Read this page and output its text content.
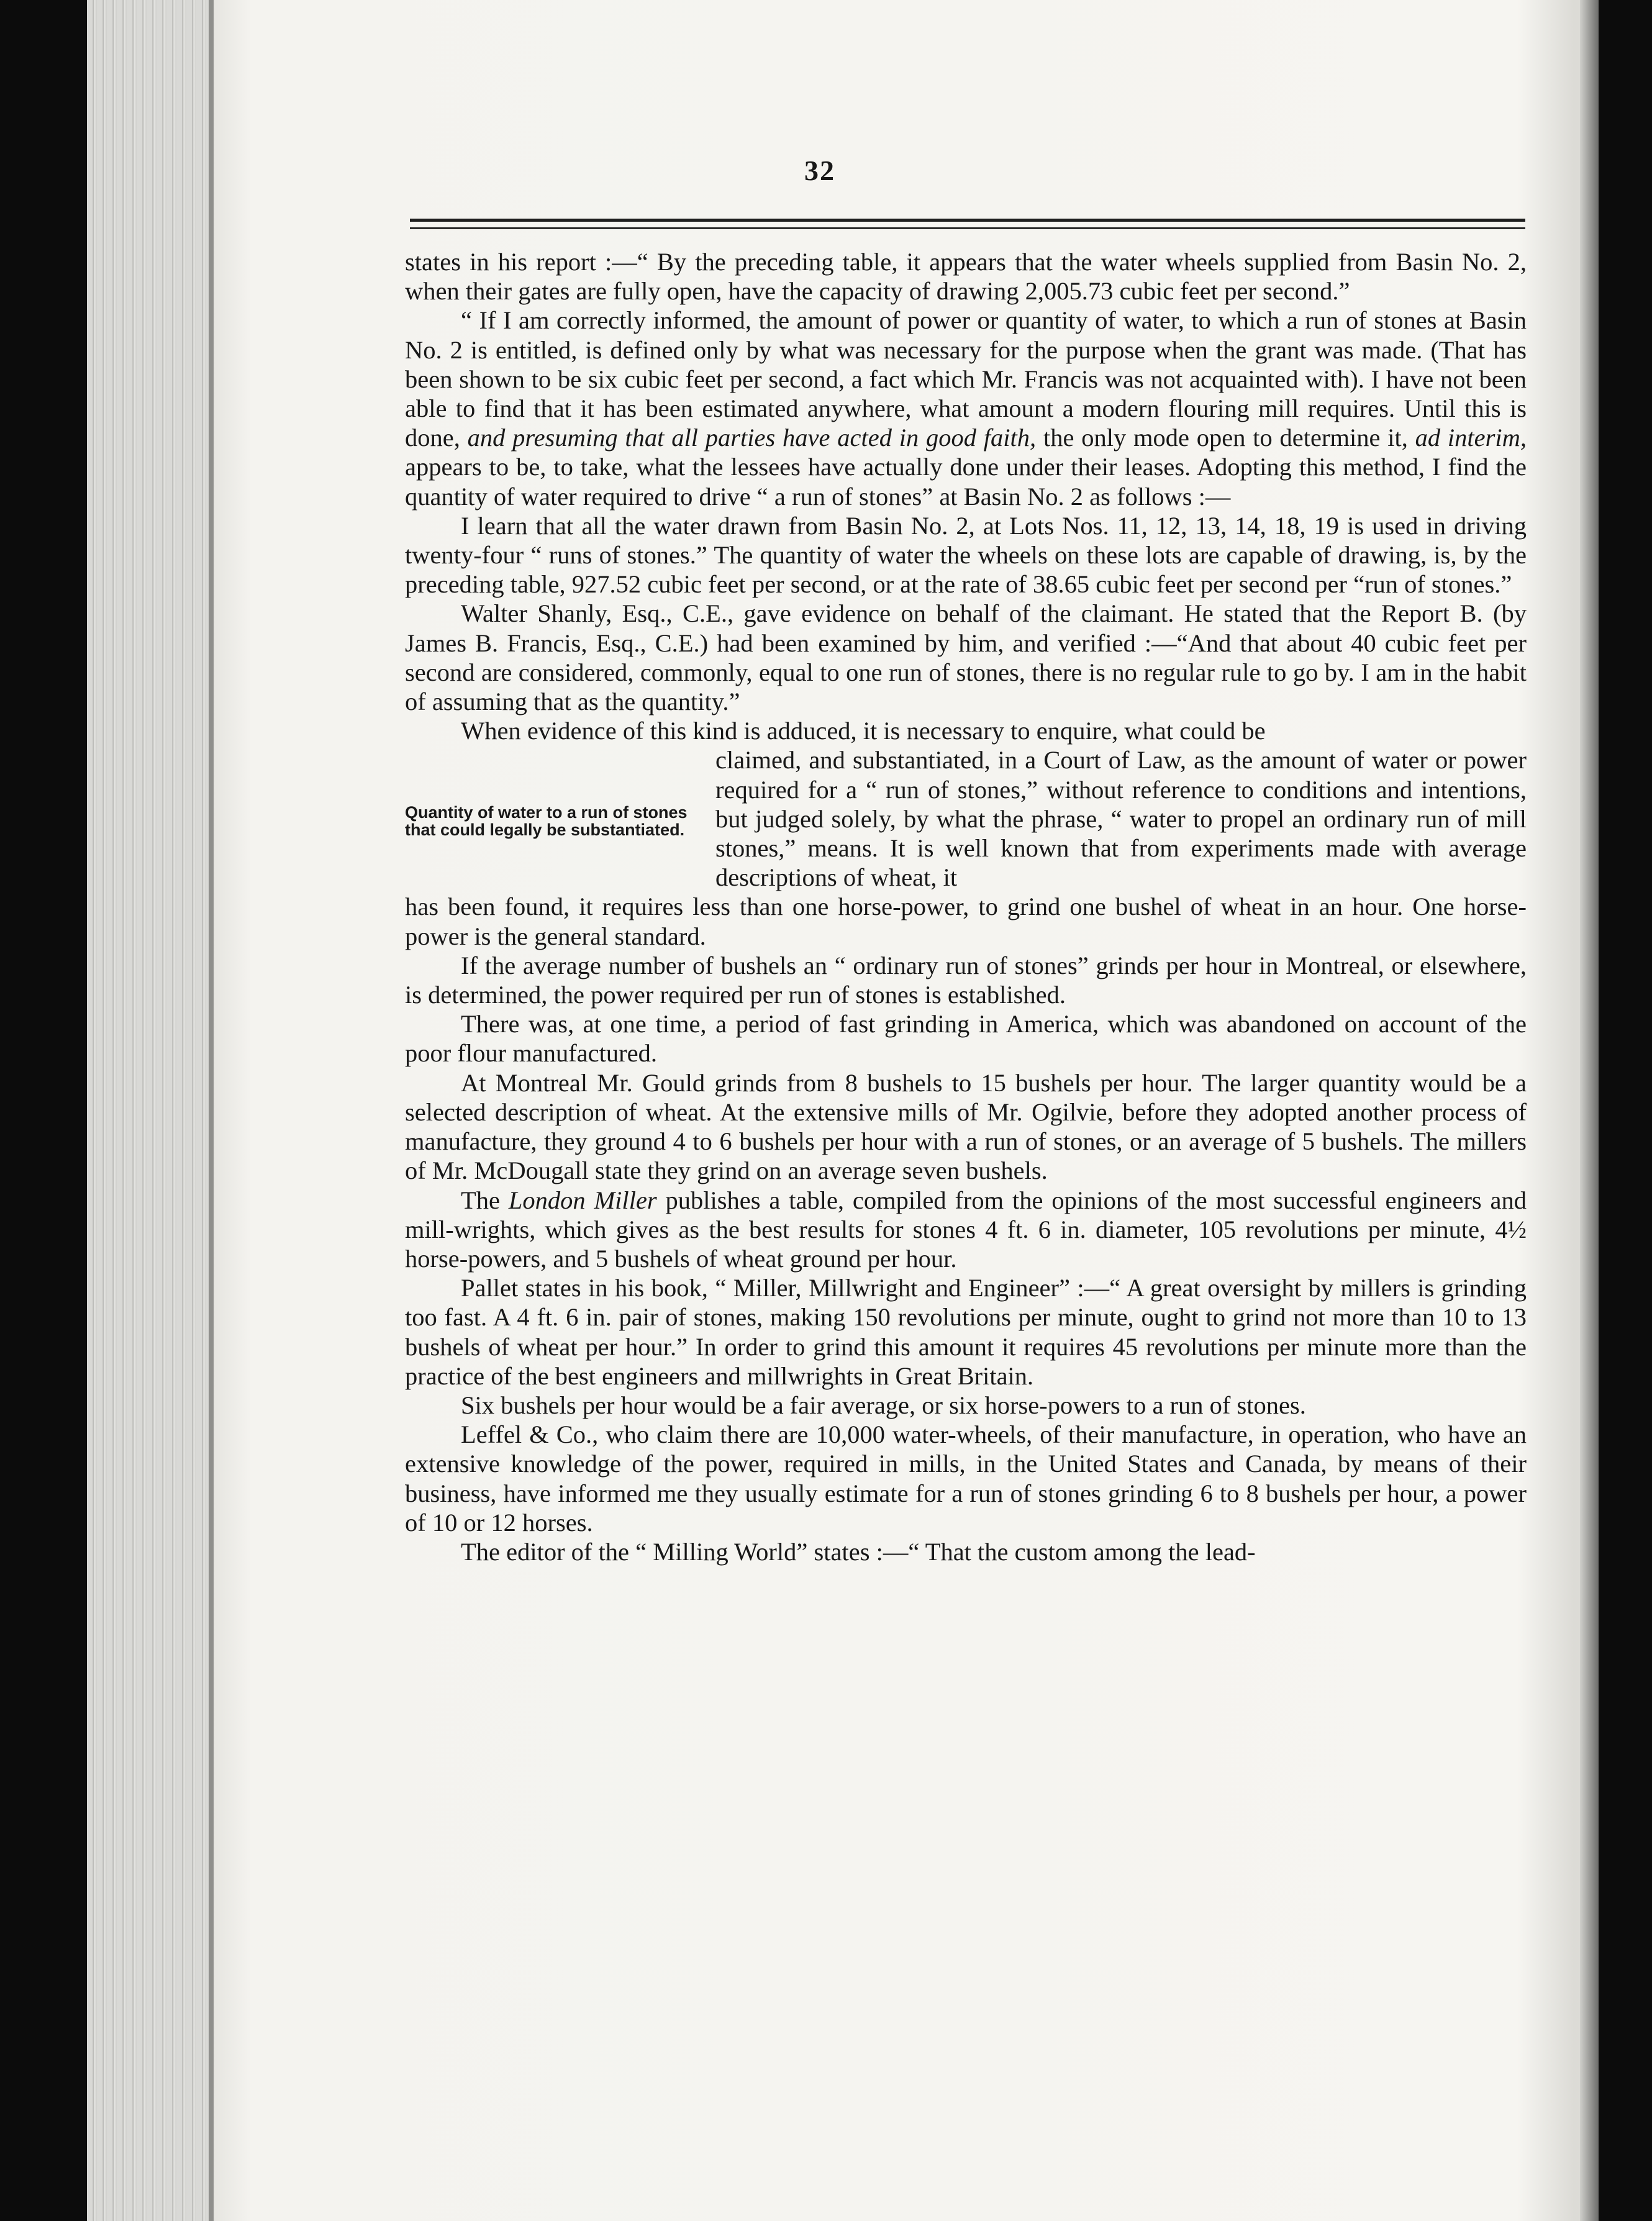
32

states in his report :—“ By the preceding table, it appears that the water wheels supplied from Basin No. 2, when their gates are fully open, have the capacity of drawing 2,005.73 cubic feet per second.”

“ If I am correctly informed, the amount of power or quantity of water, to which a run of stones at Basin No. 2 is entitled, is defined only by what was necessary for the purpose when the grant was made. (That has been shown to be six cubic feet per second, a fact which Mr. Francis was not acquainted with). I have not been able to find that it has been estimated anywhere, what amount a modern flouring mill requires. Until this is done, and presuming that all parties have acted in good faith, the only mode open to determine it, ad interim, appears to be, to take, what the lessees have actually done under their leases. Adopting this method, I find the quantity of water required to drive “ a run of stones” at Basin No. 2 as follows :—

I learn that all the water drawn from Basin No. 2, at Lots Nos. 11, 12, 13, 14, 18, 19 is used in driving twenty-four “ runs of stones.” The quantity of water the wheels on these lots are capable of drawing, is, by the preceding table, 927.52 cubic feet per second, or at the rate of 38.65 cubic feet per second per “run of stones.”

Walter Shanly, Esq., C.E., gave evidence on behalf of the claimant. He stated that the Report B. (by James B. Francis, Esq., C.E.) had been examined by him, and verified :—“And that about 40 cubic feet per second are considered, commonly, equal to one run of stones, there is no regular rule to go by. I am in the habit of assuming that as the quantity.”

When evidence of this kind is adduced, it is necessary to enquire, what could be

Quantity of water to a run of stones that could legally be substantiated.

claimed, and substantiated, in a Court of Law, as the amount of water or power required for a “ run of stones,” without reference to conditions and intentions, but judged solely, by what the phrase, “ water to propel an ordinary run of mill stones,” means. It is well known that from experiments made with average descriptions of wheat, it

has been found, it requires less than one horse-power, to grind one bushel of wheat in an hour. One horse-power is the general standard.

If the average number of bushels an “ ordinary run of stones” grinds per hour in Montreal, or elsewhere, is determined, the power required per run of stones is established.

There was, at one time, a period of fast grinding in America, which was abandoned on account of the poor flour manufactured.

At Montreal Mr. Gould grinds from 8 bushels to 15 bushels per hour. The larger quantity would be a selected description of wheat. At the extensive mills of Mr. Ogilvie, before they adopted another process of manufacture, they ground 4 to 6 bushels per hour with a run of stones, or an average of 5 bushels. The millers of Mr. McDougall state they grind on an average seven bushels.

The London Miller publishes a table, compiled from the opinions of the most successful engineers and mill-wrights, which gives as the best results for stones 4 ft. 6 in. diameter, 105 revolutions per minute, 4½ horse-powers, and 5 bushels of wheat ground per hour.

Pallet states in his book, “ Miller, Millwright and Engineer” :—“ A great oversight by millers is grinding too fast. A 4 ft. 6 in. pair of stones, making 150 revolutions per minute, ought to grind not more than 10 to 13 bushels of wheat per hour.” In order to grind this amount it requires 45 revolutions per minute more than the practice of the best engineers and millwrights in Great Britain.

Six bushels per hour would be a fair average, or six horse-powers to a run of stones.

Leffel & Co., who claim there are 10,000 water-wheels, of their manufacture, in operation, who have an extensive knowledge of the power, required in mills, in the United States and Canada, by means of their business, have informed me they usually estimate for a run of stones grinding 6 to 8 bushels per hour, a power of 10 or 12 horses.

The editor of the “ Milling World” states :—“ That the custom among the lead-
